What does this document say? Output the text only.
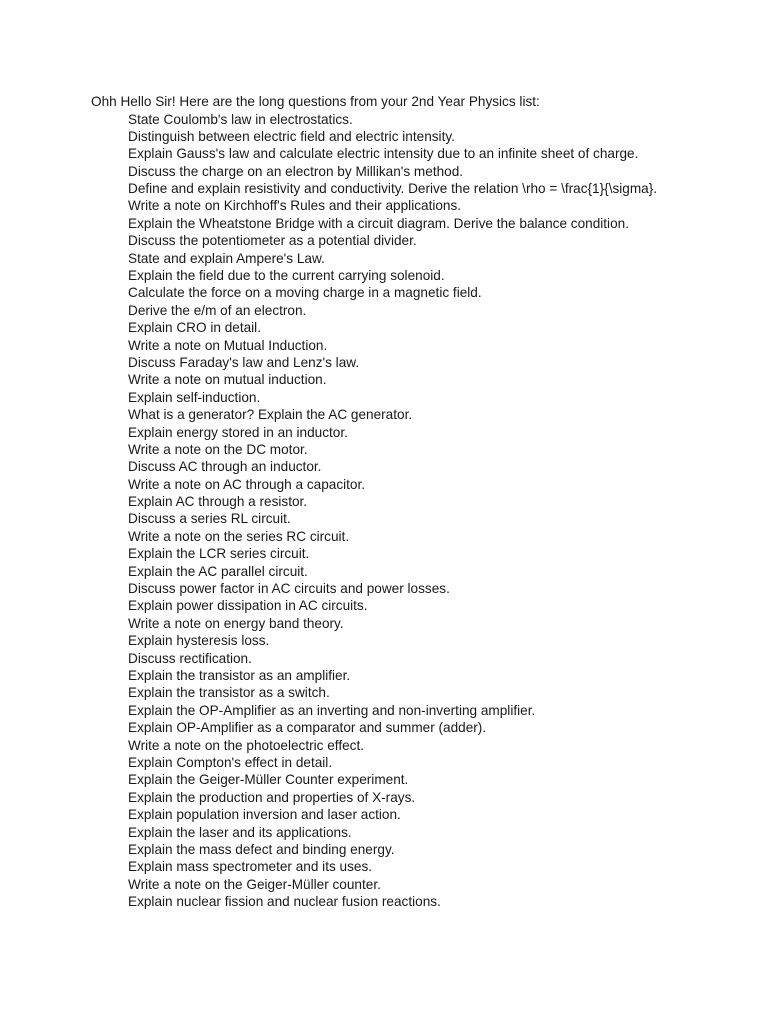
Ohh Hello Sir! Here are the long questions from your 2nd Year Physics list:
State Coulomb's law in electrostatics.
Distinguish between electric field and electric intensity.
Explain Gauss's law and calculate electric intensity due to an infinite sheet of charge.
Discuss the charge on an electron by Millikan's method.
Define and explain resistivity and conductivity. Derive the relation \rho = \frac{1}{\sigma}.
Write a note on Kirchhoff's Rules and their applications.
Explain the Wheatstone Bridge with a circuit diagram. Derive the balance condition.
Discuss the potentiometer as a potential divider.
State and explain Ampere's Law.
Explain the field due to the current carrying solenoid.
Calculate the force on a moving charge in a magnetic field.
Derive the e/m of an electron.
Explain CRO in detail.
Write a note on Mutual Induction.
Discuss Faraday's law and Lenz's law.
Write a note on mutual induction.
Explain self-induction.
What is a generator? Explain the AC generator.
Explain energy stored in an inductor.
Write a note on the DC motor.
Discuss AC through an inductor.
Write a note on AC through a capacitor.
Explain AC through a resistor.
Discuss a series RL circuit.
Write a note on the series RC circuit.
Explain the LCR series circuit.
Explain the AC parallel circuit.
Discuss power factor in AC circuits and power losses.
Explain power dissipation in AC circuits.
Write a note on energy band theory.
Explain hysteresis loss.
Discuss rectification.
Explain the transistor as an amplifier.
Explain the transistor as a switch.
Explain the OP-Amplifier as an inverting and non-inverting amplifier.
Explain OP-Amplifier as a comparator and summer (adder).
Write a note on the photoelectric effect.
Explain Compton's effect in detail.
Explain the Geiger-Müller Counter experiment.
Explain the production and properties of X-rays.
Explain population inversion and laser action.
Explain the laser and its applications.
Explain the mass defect and binding energy.
Explain mass spectrometer and its uses.
Write a note on the Geiger-Müller counter.
Explain nuclear fission and nuclear fusion reactions.
